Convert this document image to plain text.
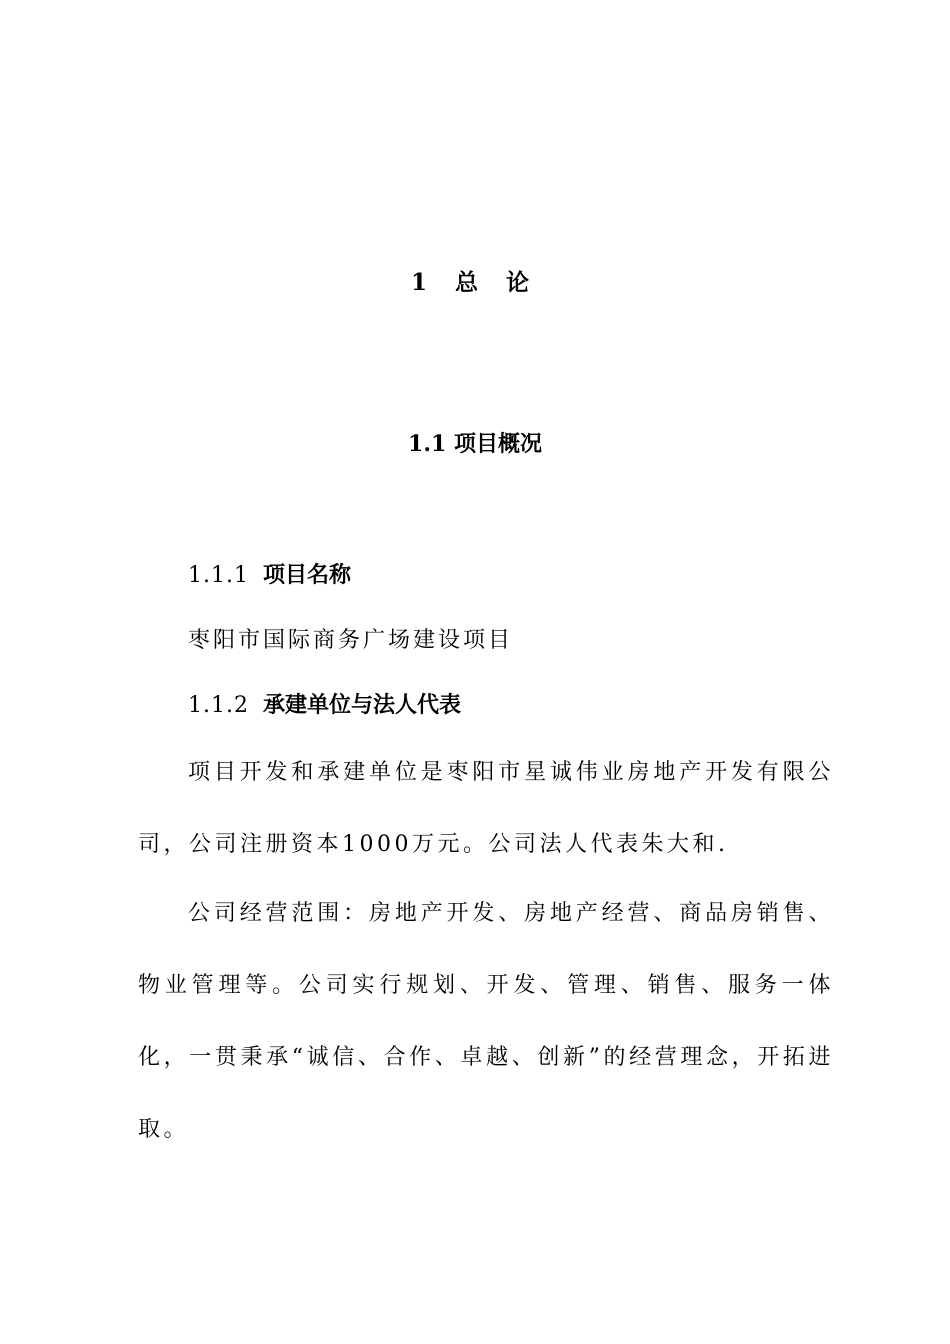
1 总 论
1.1 项目概况
1.1.1 项目名称
枣阳市国际商务广场建设项目
1.1.2 承建单位与法人代表

项目开发和承建单位是枣阳市星诚伟业房地产开发有限公司，公司注册资本1000万元。公司法人代表朱大和.

公司经营范围：房地产开发、房地产经营、商品房销售、物业管理等。公司实行规划、开发、管理、销售、服务一体化，一贯秉承“诚信、合作、卓越、创新”的经营理念，开拓进取。
